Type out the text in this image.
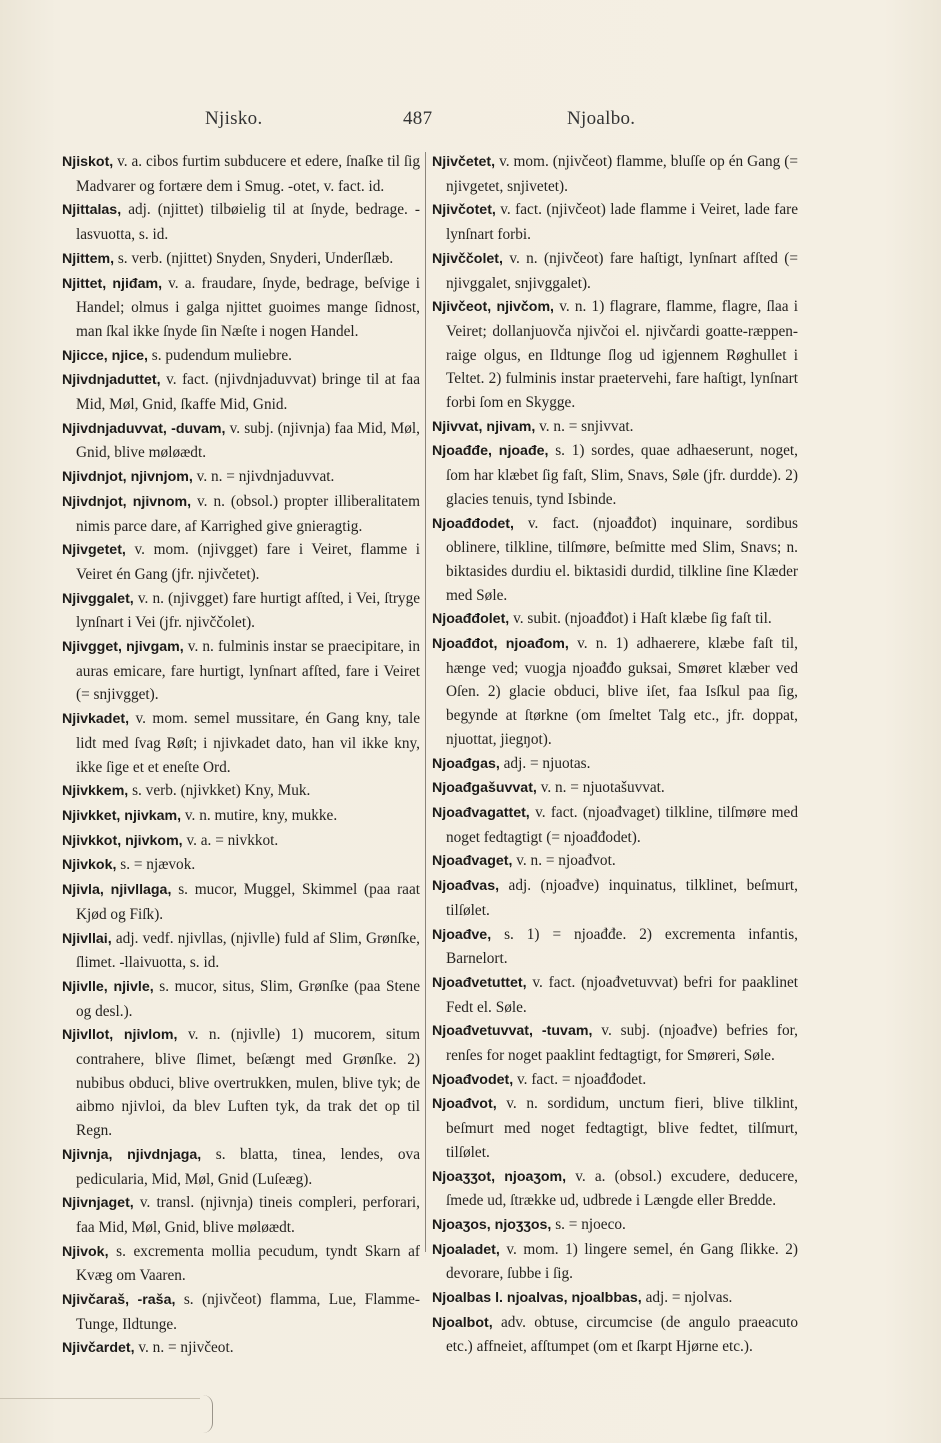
Njisko.	487	Njoalbo.
Njiskot, v. a. cibos furtim subducere et edere, ſnaſke til ſig Madvarer og fortære dem i Smug. -otet, v. fact. id.
Njittalas, adj. (njittet) tilbøielig til at ſnyde, bedrage. -lasvuotta, s. id.
Njittem, s. verb. (njittet) Snyden, Snyderi, Underſlæb.
Njittet, njiđam, v. a. fraudare, ſnyde, bedrage, beſvige i Handel; olmus i galga njittet guoimes mange ſidnost, man ſkal ikke ſnyde ſin Næſte i nogen Handel.
Njicce, njice, s. pudendum muliebre.
Njivdnjaduttet, v. fact. (njivdnjaduvvat) bringe til at faa Mid, Møl, Gnid, ſkaffe Mid, Gnid.
Njivdnjaduvvat, -duvam, v. subj. (njivnja) faa Mid, Møl, Gnid, blive møløædt.
Njivdnjot, njivnjom, v. n. = njivdnjaduvvat.
Njivdnjot, njivnom, v. n. (obsol.) propter illiberalitatem nimis parce dare, af Karrighed give gnieragtig.
Njivgetet, v. mom. (njivgget) fare i Veiret, flamme i Veiret én Gang (jfr. njivčetet).
Njivggalet, v. n. (njivgget) fare hurtigt afſted, i Vei, ſtryge lynſnart i Vei (jfr. njivččolet).
Njivgget, njivgam, v. n. fulminis instar se praecipitare, in auras emicare, fare hurtigt, lynſnart afſted, fare i Veiret (= snjivgget).
Njivkadet, v. mom. semel mussitare, én Gang kny, tale lidt med ſvag Røſt; i njivkadet dato, han vil ikke kny, ikke ſige et et eneſte Ord.
Njivkkem, s. verb. (njivkket) Kny, Muk.
Njivkket, njivkam, v. n. mutire, kny, mukke.
Njivkkot, njivkom, v. a. = nivkkot.
Njivkok, s. = njævok.
Njivla, njivllaga, s. mucor, Muggel, Skimmel (paa raat Kjød og Fiſk).
Njivllai, adj. vedf. njivllas, (njivlle) fuld af Slim, Grønſke, ſlimet. -llaivuotta, s. id.
Njivlle, njivle, s. mucor, situs, Slim, Grønſke (paa Stene og desl.).
Njivllot, njivlom, v. n. (njivlle) 1) mucorem, situm contrahere, blive ſlimet, beſængt med Grønſke. 2) nubibus obduci, blive overtrukken, mulen, blive tyk; de aibmo njivloi, da blev Luften tyk, da trak det op til Regn.
Njivnja, njivdnjaga, s. blatta, tinea, lendes, ova pedicularia, Mid, Møl, Gnid (Luſeæg).
Njivnjaget, v. transl. (njivnja) tineis compleri, perforari, faa Mid, Møl, Gnid, blive møløædt.
Njivok, s. excrementa mollia pecudum, tyndt Skarn af Kvæg om Vaaren.
Njivčaraš, -raša, s. (njivčeot) flamma, Lue, Flamme-Tunge, Ildtunge.
Njivčardet, v. n. = njivčeot.
Njivčetet, v. mom. (njivčeot) flamme, bluſſe op én Gang (= njivgetet, snjivetet).
Njivčotet, v. fact. (njivčeot) lade flamme i Veiret, lade fare lynſnart forbi.
Njivččolet, v. n. (njivčeot) fare haſtigt, lynſnart afſted (= njivggalet, snjivggalet).
Njivčeot, njivčom, v. n. 1) flagrare, flamme, flagre, ſlaa i Veiret; dollanjuovča njivčoi el. njivčardi goatte-ræppen-raige olgus, en Ildtunge ſlog ud igjennem Røghullet i Teltet. 2) fulminis instar praetervehi, fare haſtigt, lynſnart forbi ſom en Skygge.
Njivvat, njivam, v. n. = snjivvat.
Njoađđe, njoađe, s. 1) sordes, quae adhaeserunt, noget, ſom har klæbet ſig faſt, Slim, Snavs, Søle (jfr. durdde). 2) glacies tenuis, tynd Isbinde.
Njoađđodet, v. fact. (njoađđot) inquinare, sordibus oblinere, tilkline, tilſmøre, beſmitte med Slim, Snavs; n. biktasides durdiu el. biktasidi durdid, tilkline ſine Klæder med Søle.
Njoađđolet, v. subit. (njoađđot) i Haſt klæbe ſig faſt til.
Njoađđot, njoađom, v. n. 1) adhaerere, klæbe faſt til, hænge ved; vuogja njoađđo guksai, Smøret klæber ved Oſen. 2) glacie obduci, blive iſet, faa Isſkul paa ſig, begynde at ſtørkne (om ſmeltet Talg etc., jfr. doppat, njuottat, jiegŋot).
Njoađgas, adj. = njuotas.
Njoađgašuvvat, v. n. = njuotašuvvat.
Njoađvagattet, v. fact. (njoađvaget) tilkline, tilſmøre med noget fedtagtigt (= njoađđodet).
Njoađvaget, v. n. = njoađvot.
Njoađvas, adj. (njoađve) inquinatus, tilklinet, beſmurt, tilſølet.
Njoađve, s. 1) = njoađđe. 2) excrementa infantis, Barnelort.
Njoađvetuttet, v. fact. (njoađvetuvvat) befri for paaklinet Fedt el. Søle.
Njoađvetuvvat, -tuvam, v. subj. (njoađve) befries for, renſes for noget paaklint fedtagtigt, for Smøreri, Søle.
Njoađvodet, v. fact. = njoađđodet.
Njoađvot, v. n. sordidum, unctum fieri, blive tilklint, beſmurt med noget fedtagtigt, blive fedtet, tilſmurt, tilſølet.
Njoaʒʒot, njoaʒom, v. a. (obsol.) excudere, deducere, ſmede ud, ſtrække ud, udbrede i Længde eller Bredde.
Njoaʒos, njoʒʒos, s. = njoeco.
Njoaladet, v. mom. 1) lingere semel, én Gang ſlikke. 2) devorare, ſubbe i ſig.
Njoalbas l. njoalvas, njoalbbas, adj. = njolvas.
Njoalbot, adv. obtuse, circumcise (de angulo praeacuto etc.) affneiet, afſtumpet (om et ſkarpt Hjørne etc.).
